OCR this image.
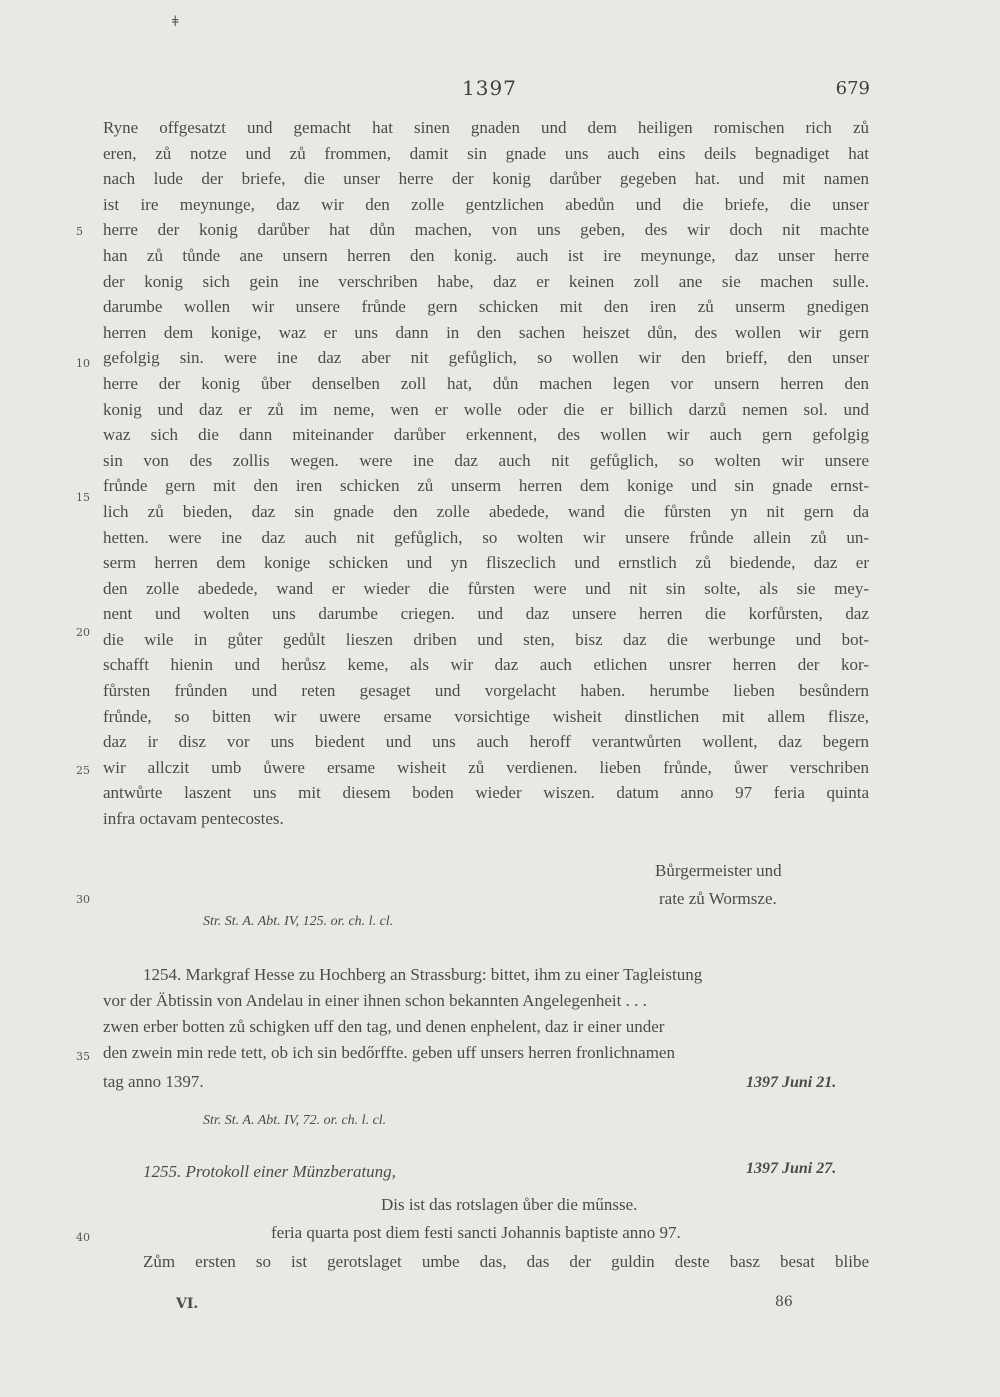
ǂ
1397	679
Ryne offgesatzt und gemacht hat sinen gnaden und dem heiligen romischen rich zů
eren, zů notze und zů frommen, damit sin gnade uns auch eins deils begnadiget hat
nach lude der briefe, die unser herre der konig darůber gegeben hat. und mit namen
ist ire meynunge, daz wir den zolle gentzlichen abedůn und die briefe, die unser
herre der konig darůber hat důn machen, von uns geben, des wir doch nit machte
han zů tůnde ane unsern herren den konig. auch ist ire meynunge, daz unser herre
der konig sich gein ine verschriben habe, daz er keinen zoll ane sie machen sulle.
darumbe wollen wir unsere frůnde gern schicken mit den iren zů unserm gnedigen
herren dem konige, waz er uns dann in den sachen heiszet důn, des wollen wir gern
gefolgig sin. were ine daz aber nit gefůglich, so wollen wir den brieff, den unser
herre der konig ůber denselben zoll hat, důn machen legen vor unsern herren den
konig und daz er zů im neme, wen er wolle oder die er billich darzů nemen sol. und
waz sich die dann miteinander darůber erkennent, des wollen wir auch gern gefolgig
sin von des zollis wegen. were ine daz auch nit gefůglich, so wolten wir unsere
frůnde gern mit den iren schicken zů unserm herren dem konige und sin gnade ernst-
lich zů bieden, daz sin gnade den zolle abedede, wand die fůrsten yn nit gern da
hetten. were ine daz auch nit gefůglich, so wolten wir unsere frůnde allein zů un-
serm herren dem konige schicken und yn fliszeclich und ernstlich zů biedende, daz er
den zolle abedede, wand er wieder die fůrsten were und nit sin solte, als sie mey-
nent und wolten uns darumbe criegen. und daz unsere herren die korfůrsten, daz
die wile in gůter gedůlt lieszen driben und sten, bisz daz die werbunge und bot-
schafft hienin und herůsz keme, als wir daz auch etlichen unsrer herren der kor-
fůrsten frůnden und reten gesaget und vorgelacht haben. herumbe lieben besůndern
frůnde, so bitten wir uwere ersame vorsichtige wisheit dinstlichen mit allem flisze,
daz ir disz vor uns biedent und uns auch heroff verantwůrten wollent, daz begern
wir allczit umb ůwere ersame wisheit zů verdienen. lieben frůnde, ůwer verschriben
antwůrte laszent uns mit diesem boden wieder wiszen. datum anno 97 feria quinta
infra octavam pentecostes.
5
10
15
20
25
30
35
40
Bůrgermeister und
rate zů Wormsze.
Str. St. A. Abt. IV, 125. or. ch. l. cl.
1254. Markgraf Hesse zu Hochberg an Strassburg: bittet, ihm zu einer Tagleistung
vor der Äbtissin von Andelau in einer ihnen schon bekannten Angelegenheit . . .
zwen erber botten zů schigken uff den tag, und denen enphelent, daz ir einer under
den zwein min rede tett, ob ich sin bedőrffte. geben uff unsers herren fronlichnamen
tag anno 1397.	1397 Juni 21.
Str. St. A. Abt. IV, 72. or. ch. l. cl.
1255. Protokoll einer Münzberatung,	1397 Juni 27.
Dis ist das rotslagen ůber die műnsse.
feria quarta post diem festi sancti Johannis baptiste anno 97.
Zům ersten so ist gerotslaget umbe das, das der guldin deste basz besat blibe
VI.	86
